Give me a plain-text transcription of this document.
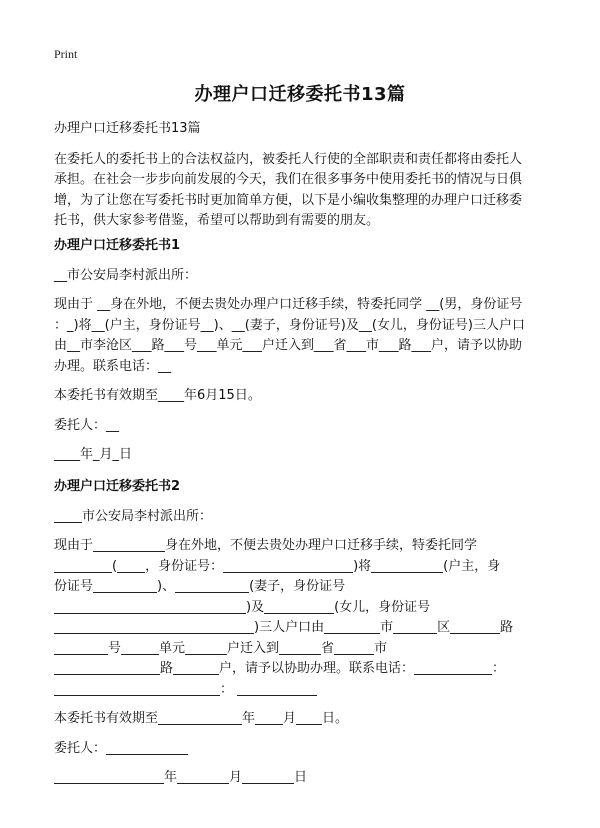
Print
办理户口迁移委托书13篇

办理户口迁移委托书13篇

在委托人的委托书上的合法权益内，被委托人行使的全部职责和责任都将由委托人

承担。在社会一步步向前发展的今天，我们在很多事务中使用委托书的情况与日俱

增，为了让您在写委托书时更加简单方便，以下是小编收集整理的办理户口迁移委

托书，供大家参考借鉴，希望可以帮助到有需要的朋友。

办理户口迁移委托书1

__市公安局李村派出所：

现由于 __身在外地，不便去贵处办理户口迁移手续，特委托同学 __(男，身份证号

：_)将__(户主，身份证号__)、__(妻子，身份证号)及__(女儿，身份证号)三人户口

由__市李沧区___路___号___单元___户迁入到___省___市___路___户，请予以协助

办理。联系电话：__

本委托书有效期至____年6月15日。

委托人：__

____年_月_日

办理户口迁移委托书2

市公安局李村派出所：

现由于	身在外地，不便去贵处办理户口迁移手续，特委托同学

( ，身份证号：	)将	(户主，身

份证号	)、	(妻子，身份证号

)及	(女儿，身份证号

)三人户口由	市	区	路

号	单元	户迁入到	省	市

路	户，请予以协助办理。联系电话：	：

：

本委托书有效期至	年 月 日。

委托人：

年	月	日
